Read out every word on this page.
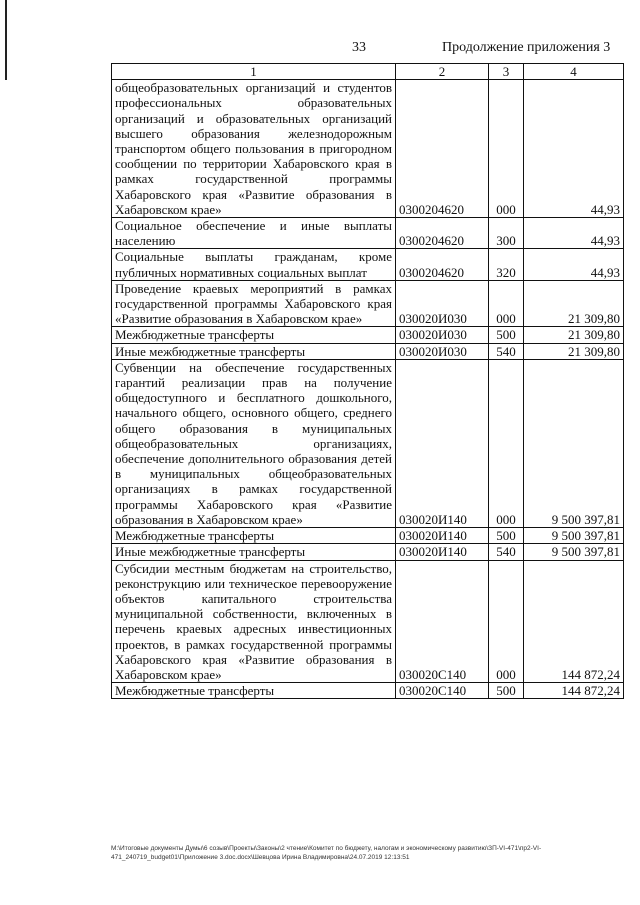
33	Продолжение приложения 3
1	2	3	4
общеобразовательных организаций и студентов профессиональных образовательных организаций и образовательных организаций высшего образования железнодорожным транспортом общего пользования в пригородном сообщении по территории Хабаровского края в рамках государственной программы Хабаровского края «Развитие образования в Хабаровском крае»	0300204620	000	44,93
Социальное обеспечение и иные выплаты населению	0300204620	300	44,93
Социальные выплаты гражданам, кроме публичных нормативных социальных выплат	0300204620	320	44,93
Проведение краевых мероприятий в рамках государственной программы Хабаровского края «Развитие образования в Хабаровском крае»	030020И030	000	21 309,80
Межбюджетные трансферты	030020И030	500	21 309,80
Иные межбюджетные трансферты	030020И030	540	21 309,80
Субвенции на обеспечение государственных гарантий реализации прав на получение общедоступного и бесплатного дошкольного, начального общего, основного общего, среднего общего образования в муниципальных общеобразовательных организациях, обеспечение дополнительного образования детей в муниципальных общеобразовательных организациях в рамках государственной программы Хабаровского края «Развитие образования в Хабаровском крае»	030020И140	000	9 500 397,81
Межбюджетные трансферты	030020И140	500	9 500 397,81
Иные межбюджетные трансферты	030020И140	540	9 500 397,81
Субсидии местным бюджетам на строительство, реконструкцию или техническое перевооружение объектов капитального строительства муниципальной собственности, включенных в перечень краевых адресных инвестиционных проектов, в рамках государственной программы Хабаровского края «Развитие образования в Хабаровском крае»	030020С140	000	144 872,24
Межбюджетные трансферты	030020С140	500	144 872,24
M:\Итоговые документы Думы\6 созыв\Проекты\Законы\2 чтение\Комитет по бюджету, налогам и экономическому развитию\ЗП-VI-471\пр2-VI-
471_240719_budget01\Приложение 3.doc.docx\Шевцова Ирина Владимировна\24.07.2019 12:13:51
